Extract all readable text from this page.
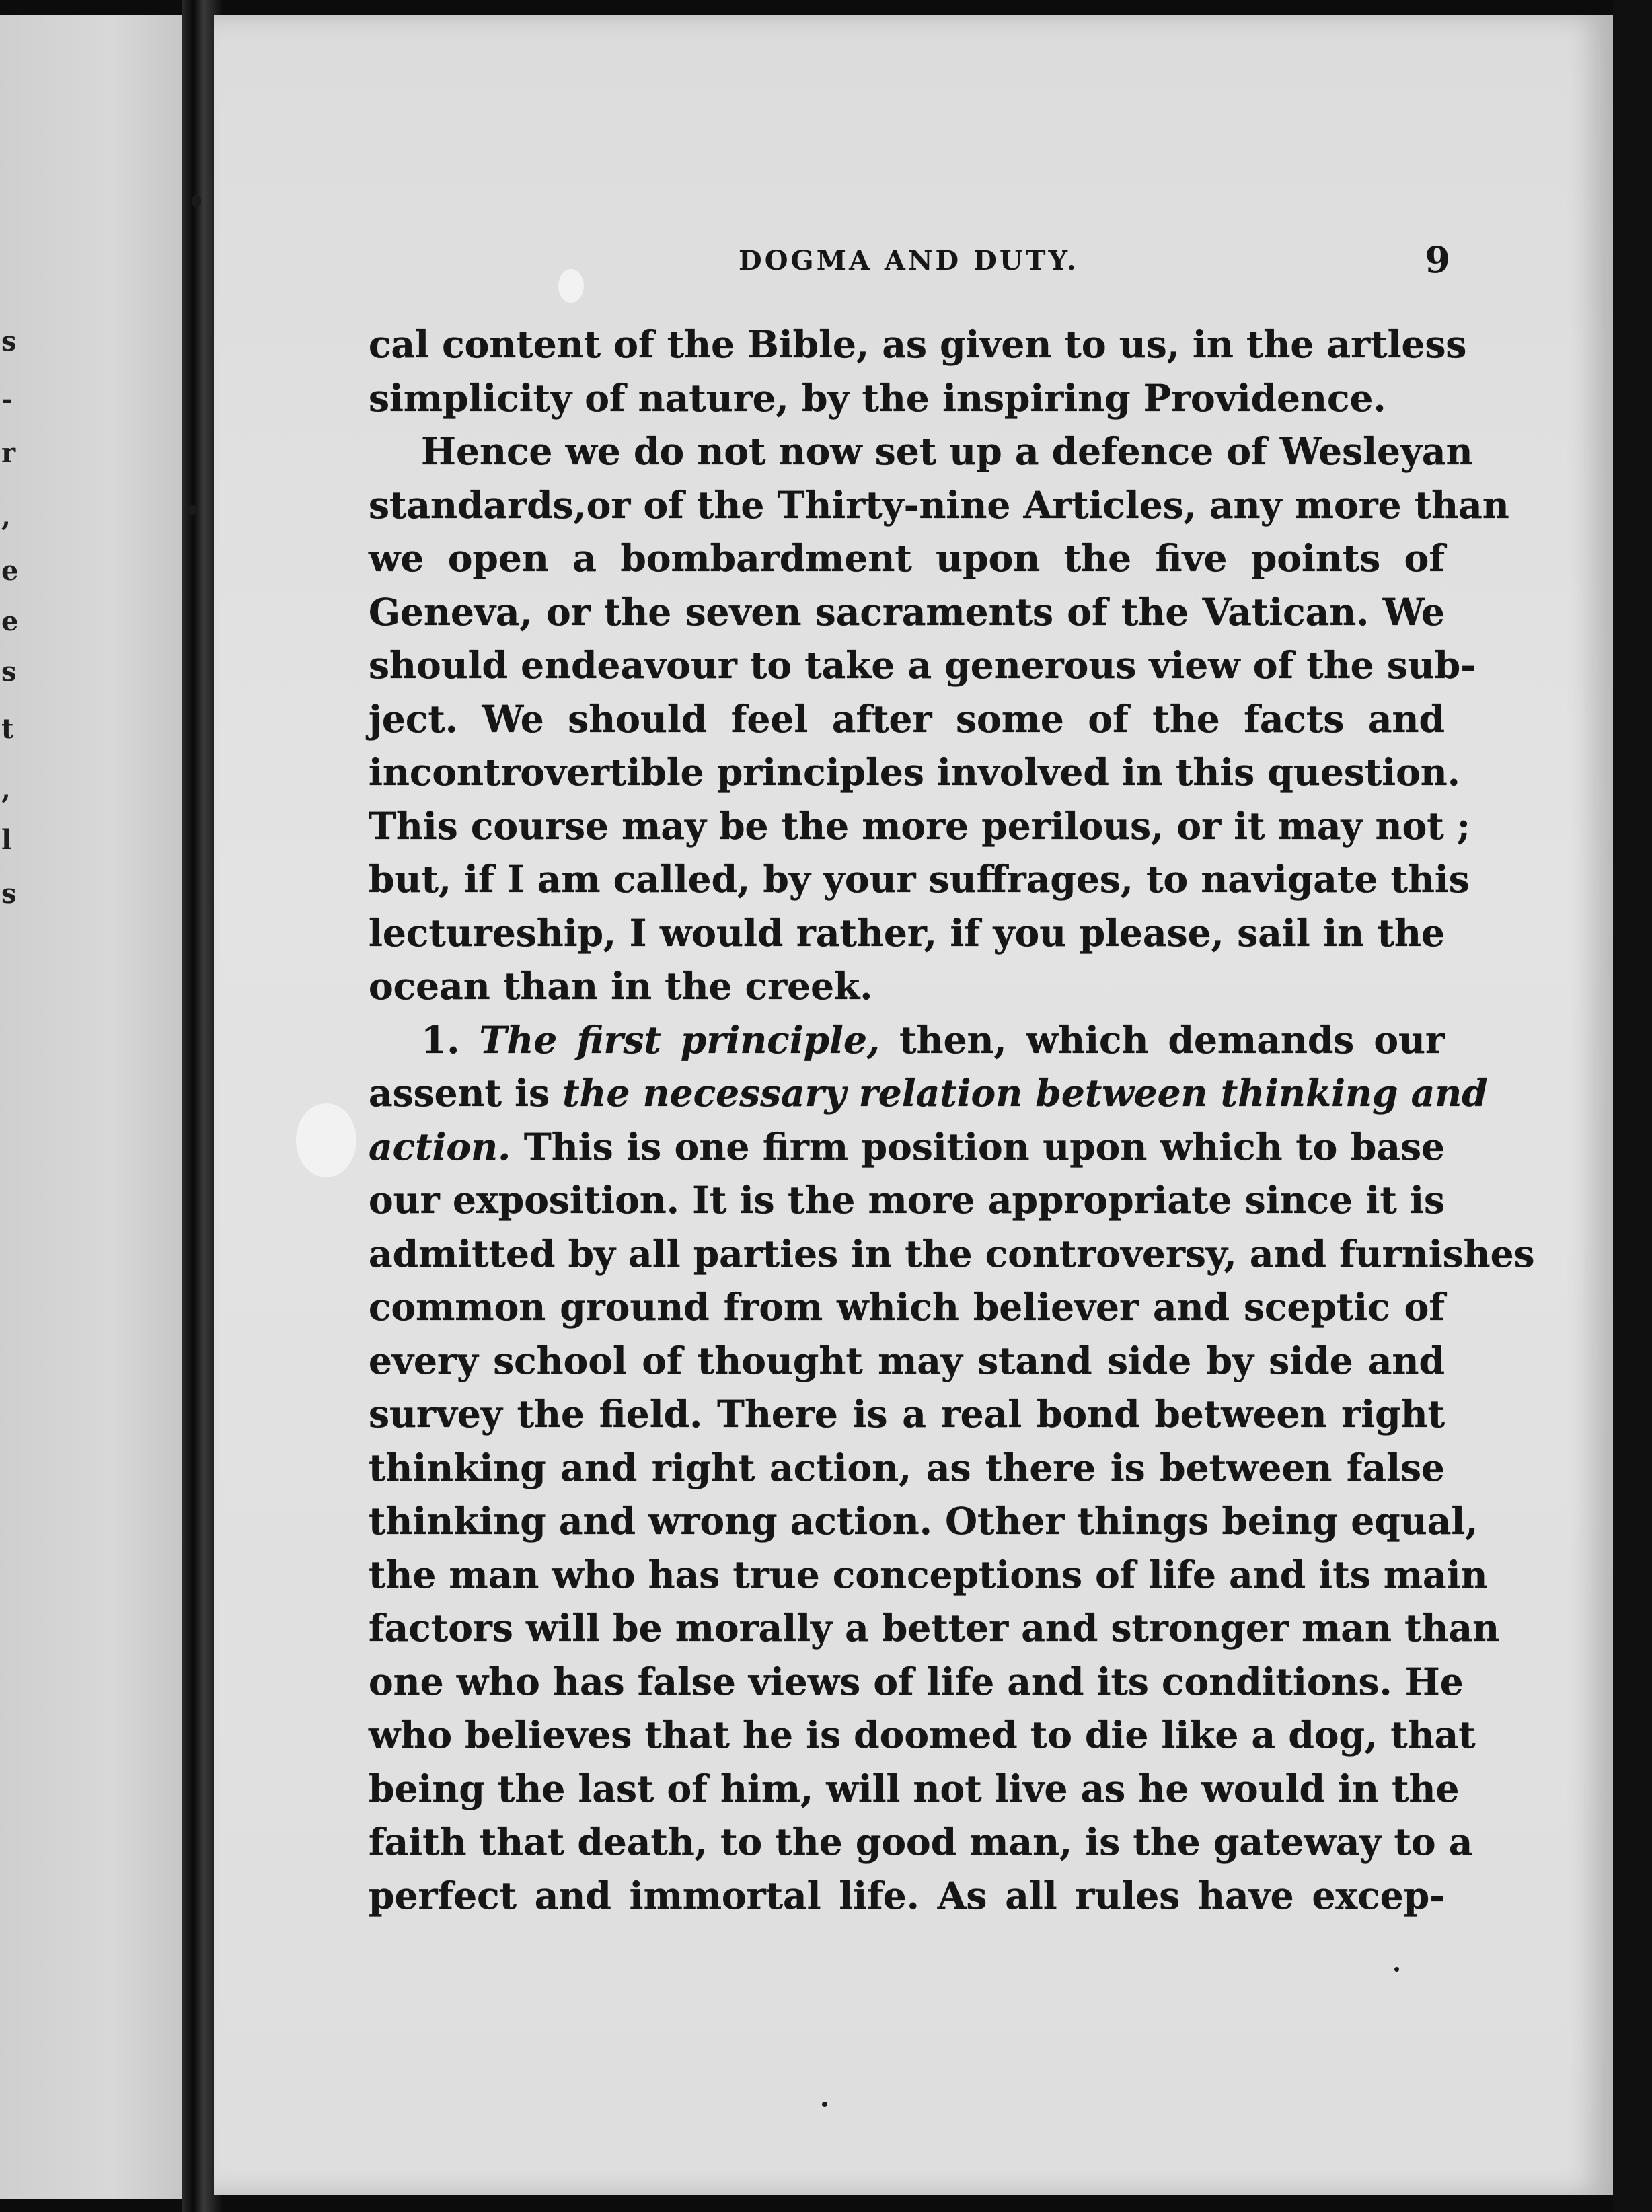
s
-
r
,
e
e
s
t
,
l
s
DOGMA AND DUTY.	9
cal content of the Bible, as given to us, in the artless
simplicity of nature, by the inspiring Providence.
Hence we do not now set up a defence of Wesleyan
standards,or of the Thirty-nine Articles, any more than
we open a bombardment upon the five points of
Geneva, or the seven sacraments of the Vatican. We
should endeavour to take a generous view of the sub-
ject. We should feel after some of the facts and
incontrovertible principles involved in this question.
This course may be the more perilous, or it may not ;
but, if I am called, by your suffrages, to navigate this
lectureship, I would rather, if you please, sail in the
ocean than in the creek.
1. The first principle, then, which demands our
assent is the necessary relation between thinking and
action. This is one firm position upon which to base
our exposition. It is the more appropriate since it is
admitted by all parties in the controversy, and furnishes
common ground from which believer and sceptic of
every school of thought may stand side by side and
survey the field. There is a real bond between right
thinking and right action, as there is between false
thinking and wrong action. Other things being equal,
the man who has true conceptions of life and its main
factors will be morally a better and stronger man than
one who has false views of life and its conditions. He
who believes that he is doomed to die like a dog, that
being the last of him, will not live as he would in the
faith that death, to the good man, is the gateway to a
perfect and immortal life. As all rules have excep-
